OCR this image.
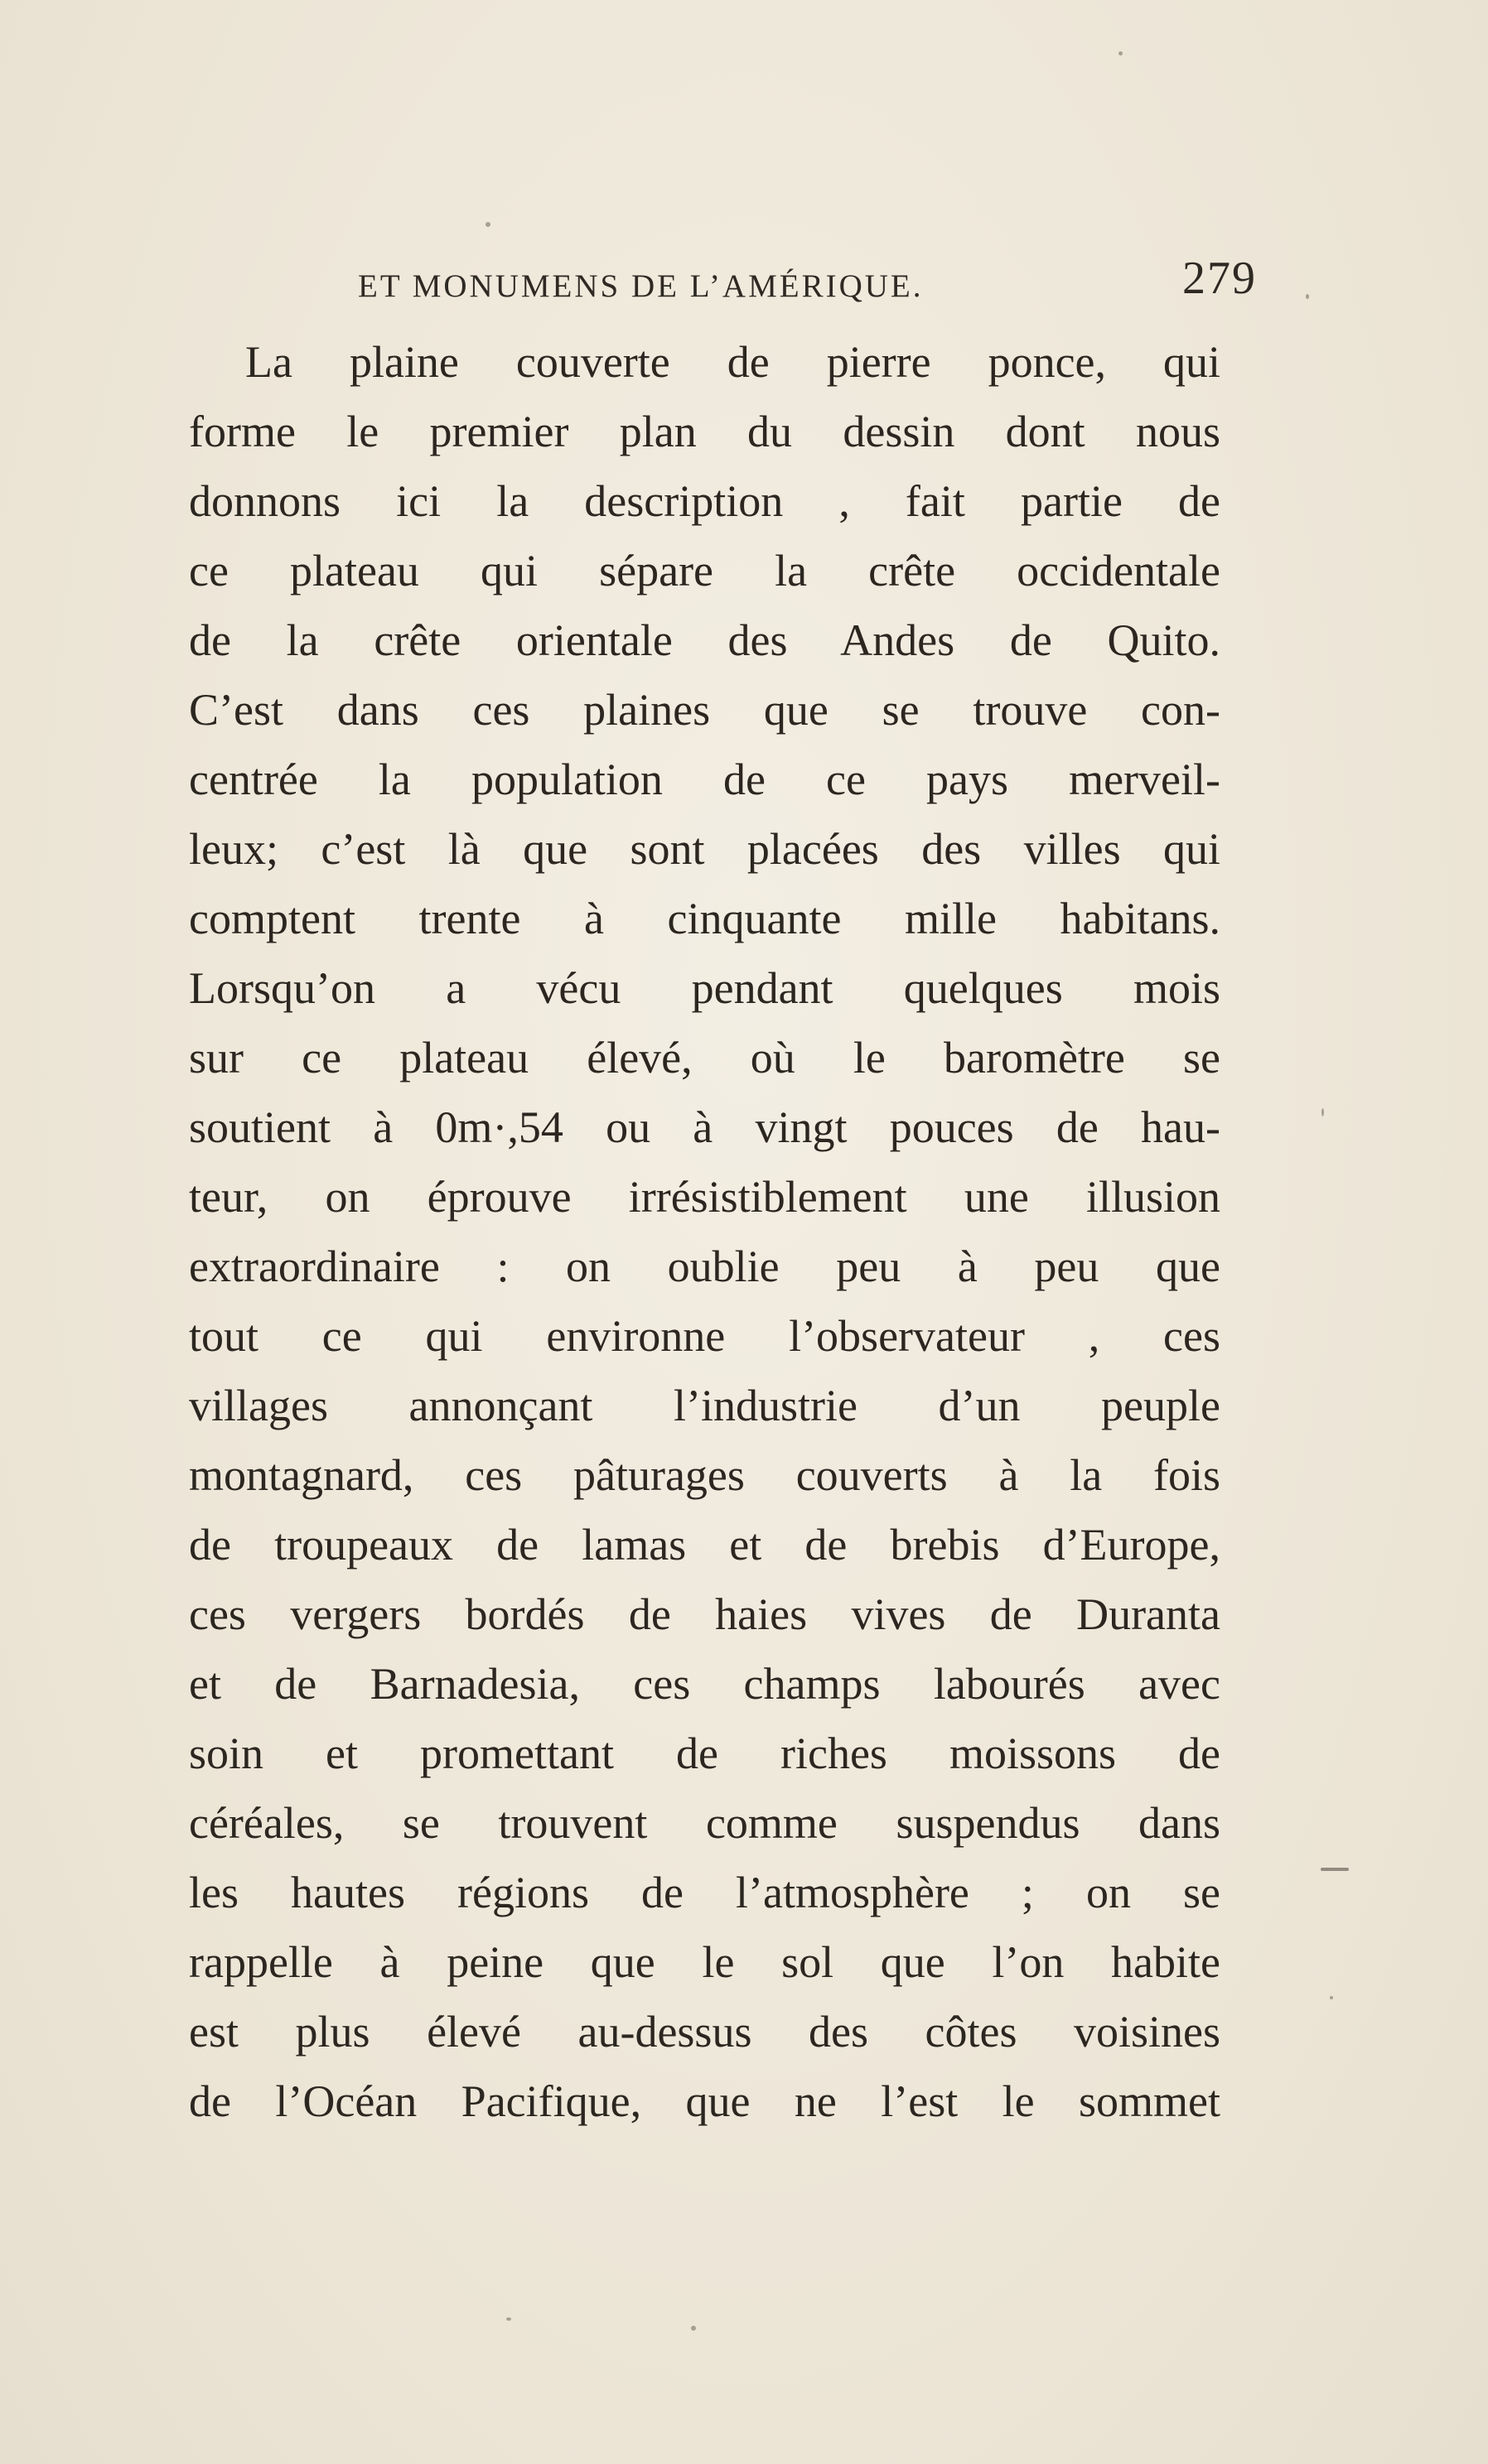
ET MONUMENS DE L’AMÉRIQUE.	279
La plaine couverte de pierre ponce, qui
forme le premier plan du dessin dont nous
donnons ici la description , fait partie de
ce plateau qui sépare la crête occidentale
de la crête orientale des Andes de Quito.
C’est dans ces plaines que se trouve con-
centrée la population de ce pays merveil-
leux; c’est là que sont placées des villes qui
comptent trente à cinquante mille habitans.
Lorsqu’on a vécu pendant quelques mois
sur ce plateau élevé, où le baromètre se
soutient à 0m·,54 ou à vingt pouces de hau-
teur, on éprouve irrésistiblement une illusion
extraordinaire : on oublie peu à peu que
tout ce qui environne l’observateur , ces
villages annonçant l’industrie d’un peuple
montagnard, ces pâturages couverts à la fois
de troupeaux de lamas et de brebis d’Europe,
ces vergers bordés de haies vives de Duranta
et de Barnadesia, ces champs labourés avec
soin et promettant de riches moissons de
céréales, se trouvent comme suspendus dans
les hautes régions de l’atmosphère ; on se
rappelle à peine que le sol que l’on habite
est plus élevé au-dessus des côtes voisines
de l’Océan Pacifique, que ne l’est le sommet
